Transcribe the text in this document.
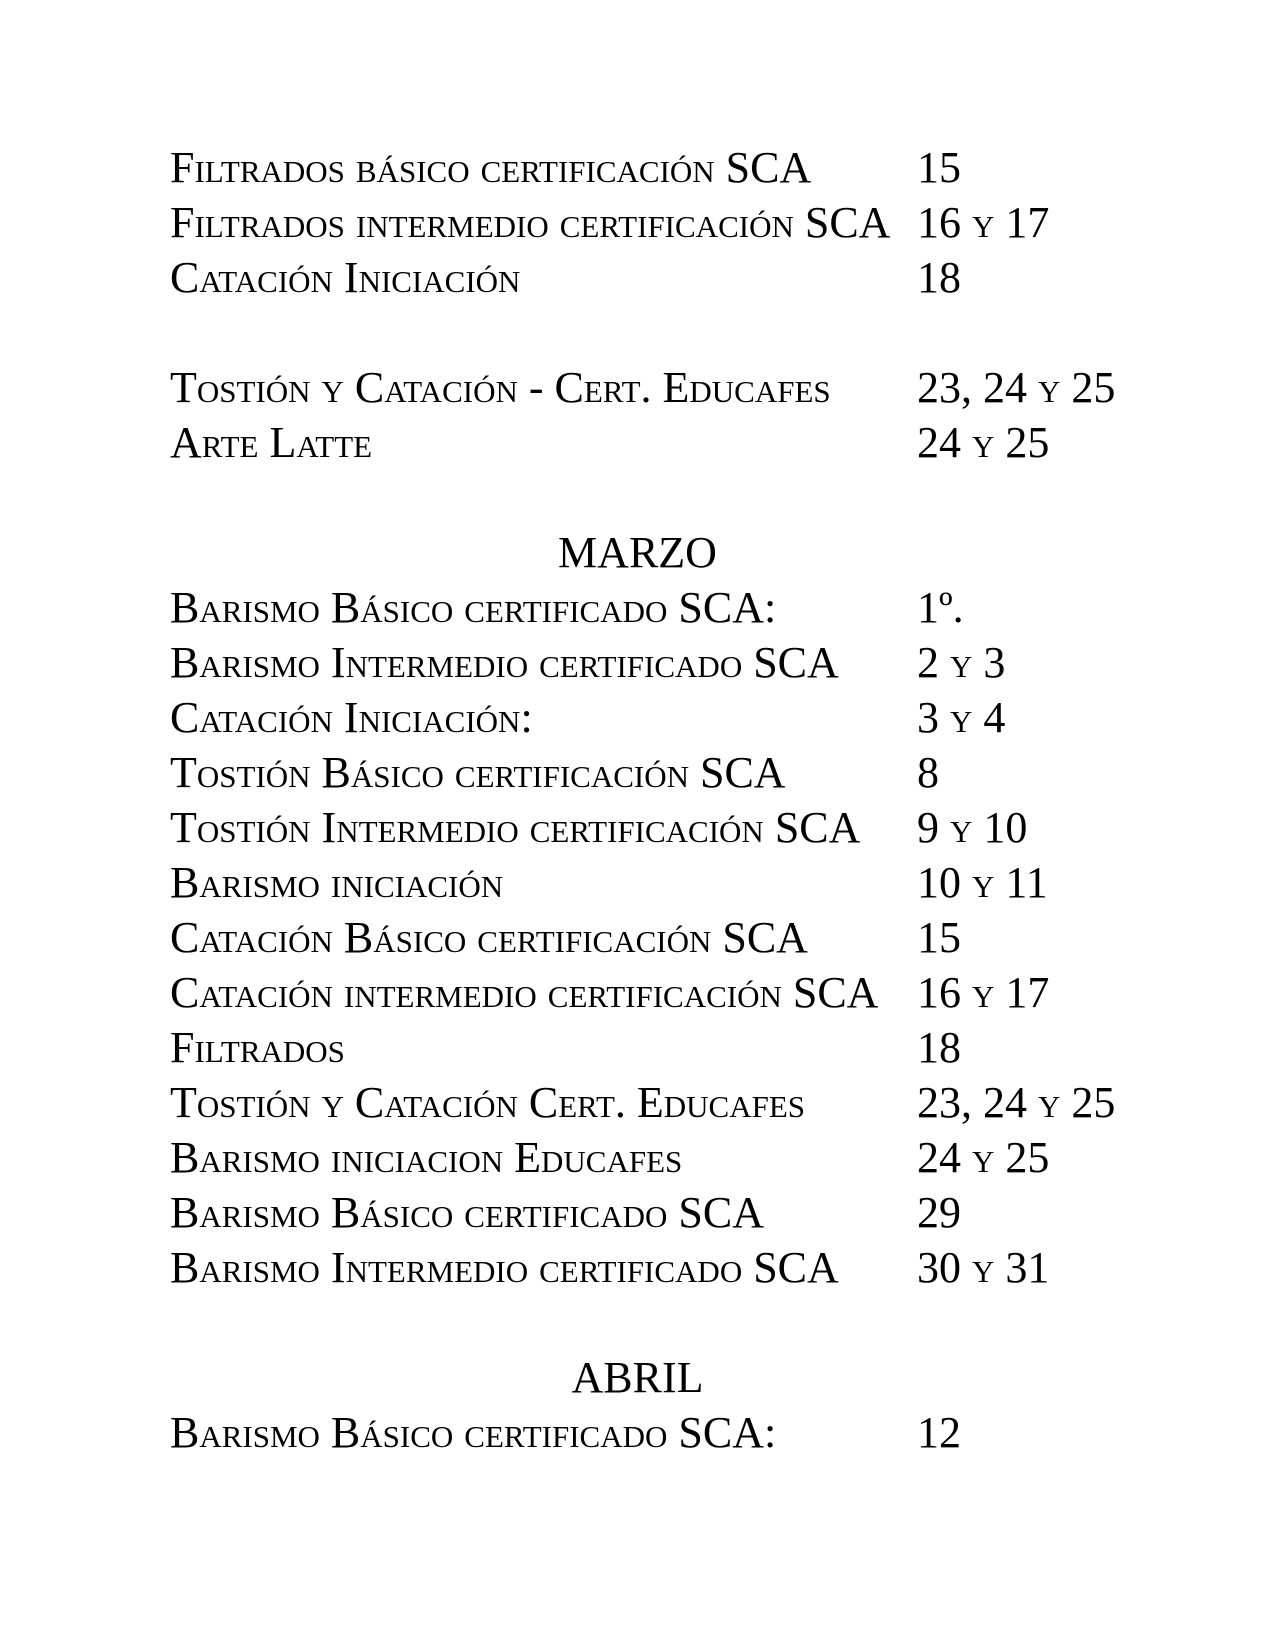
Filtrados básico certificación SCA	15
Filtrados intermedio certificación SCA 16 y 17
Catación Iniciación	18
Tostión y Catación - Cert. Educafes	23, 24 y 25
Arte Latte	24 y 25
MARZO
Barismo Básico certificado SCA:	1º.
Barismo Intermedio certificado SCA	2 y 3
Catación Iniciación:	3 y 4
Tostión Básico certificación SCA	8
Tostión Intermedio certificación SCA	9 y 10
Barismo iniciación	10 y 11
Catación Básico certificación SCA	15
Catación intermedio certificación SCA 16 y 17
Filtrados	18
Tostión y Catación Cert. Educafes	23, 24 y 25
Barismo iniciacion Educafes	24 y 25
Barismo Básico certificado SCA	29
Barismo Intermedio certificado SCA	30 y 31
ABRIL
Barismo Básico certificado SCA:	12
